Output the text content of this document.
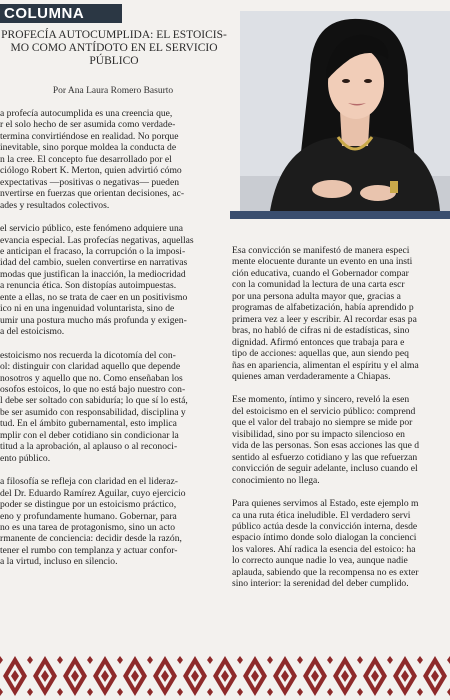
COLUMNA
PROFECÍA AUTOCUMPLIDA: EL ESTOICIS-
MO COMO ANTÍDOTO EN EL SERVICIO
PÚBLICO
Por Ana Laura Romero Basurto

a profecía autocumplida es una creencia que,
r el solo hecho de ser asumida como verdade-
termina convirtiéndose en realidad. No porque
inevitable, sino porque moldea la conducta de
n la cree. El concepto fue desarrollado por el
ciólogo Robert K. Merton, quien advirtió cómo
expectativas —positivas o negativas— pueden
nvertirse en fuerzas que orientan decisiones, ac-
ades y resultados colectivos.

el servicio público, este fenómeno adquiere una
evancia especial. Las profecías negativas, aquellas
e anticipan el fracaso, la corrupción o la imposi-
idad del cambio, suelen convertirse en narrativas
modas que justifican la inacción, la mediocridad
a renuncia ética. Son distopías autoimpuestas.
ente a ellas, no se trata de caer en un positivismo
ico ni en una ingenuidad voluntarista, sino de
umir una postura mucho más profunda y exigen-
a del estoicismo.

estoicismo nos recuerda la dicotomía del con-
ol: distinguir con claridad aquello que depende
nosotros y aquello que no. Como enseñaban los
osofos estoicos, lo que no está bajo nuestro con-
l debe ser soltado con sabiduría; lo que sí lo está,
be ser asumido con responsabilidad, disciplina y
tud. En el ámbito gubernamental, esto implica
mplir con el deber cotidiano sin condicionar la
titud a la aprobación, al aplauso o al reconoci-
ento público.

a filosofía se refleja con claridad en el lideraz-
del Dr. Eduardo Ramírez Aguilar, cuyo ejercicio
poder se distingue por un estoicismo práctico,
eno y profundamente humano. Gobernar, para
no es una tarea de protagonismo, sino un acto
rmanente de conciencia: decidir desde la razón,
tener el rumbo con templanza y actuar confor-
a la virtud, incluso en silencio.

Esa convicción se manifestó de manera especi
mente elocuente durante un evento en una insti
ción educativa, cuando el Gobernador compar
con la comunidad la lectura de una carta escr
por una persona adulta mayor que, gracias a
programas de alfabetización, había aprendido p
primera vez a leer y escribir. Al recordar esas pa
bras, no habló de cifras ni de estadísticas, sino
dignidad. Afirmó entonces que trabaja para e
tipo de acciones: aquellas que, aun siendo peq
ñas en apariencia, alimentan el espíritu y el alma
quienes aman verdaderamente a Chiapas.

Ese momento, íntimo y sincero, reveló la esen
del estoicismo en el servicio público: comprend
que el valor del trabajo no siempre se mide por
visibilidad, sino por su impacto silencioso en
vida de las personas. Son esas acciones las que d
sentido al esfuerzo cotidiano y las que refuerzan
convicción de seguir adelante, incluso cuando el
conocimiento no llega.

Para quienes servimos al Estado, este ejemplo m
ca una ruta ética ineludible. El verdadero servi
público actúa desde la convicción interna, desde
espacio íntimo donde solo dialogan la concienci
los valores. Ahí radica la esencia del estoico: ha
lo correcto aunque nadie lo vea, aunque nadie
aplauda, sabiendo que la recompensa no es exter
sino interior: la serenidad del deber cumplido.
